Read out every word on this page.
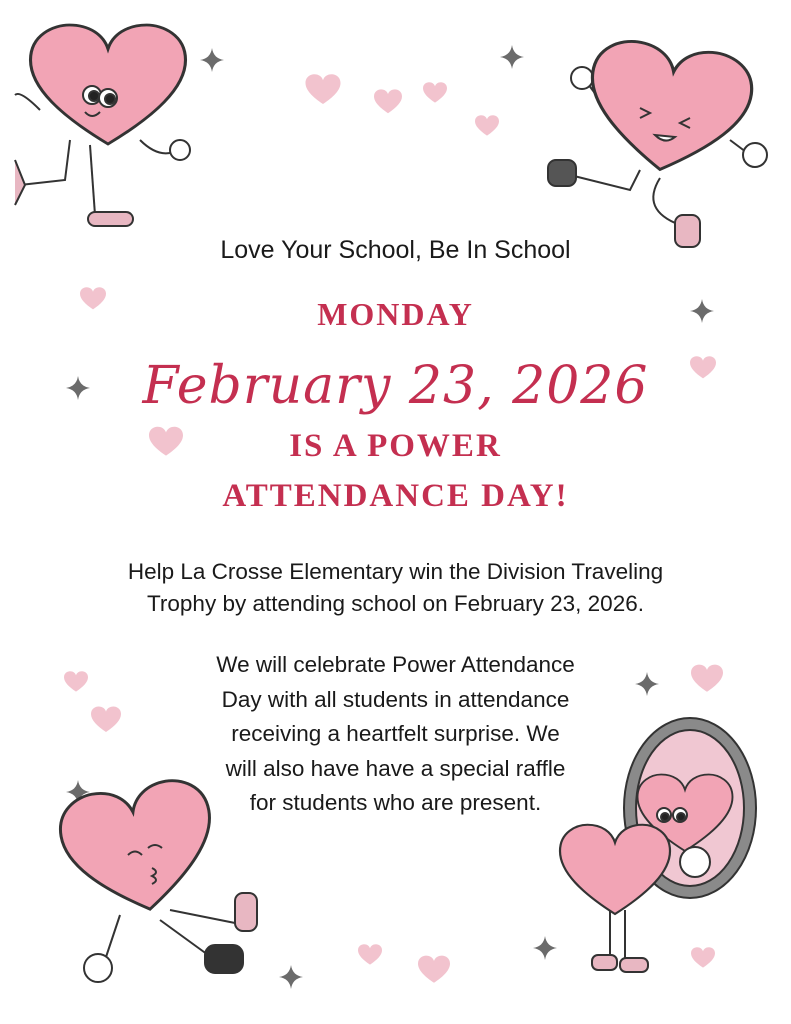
Love Your School, Be In School

MONDAY

February 23, 2026

IS A POWER

ATTENDANCE DAY!

Help La Crosse Elementary win the Division Traveling
Trophy by attending school on February 23, 2026.
We will celebrate Power Attendance
Day with all students in attendance
receiving a heartfelt surprise. We
will also have have a special raffle
for students who are present.
